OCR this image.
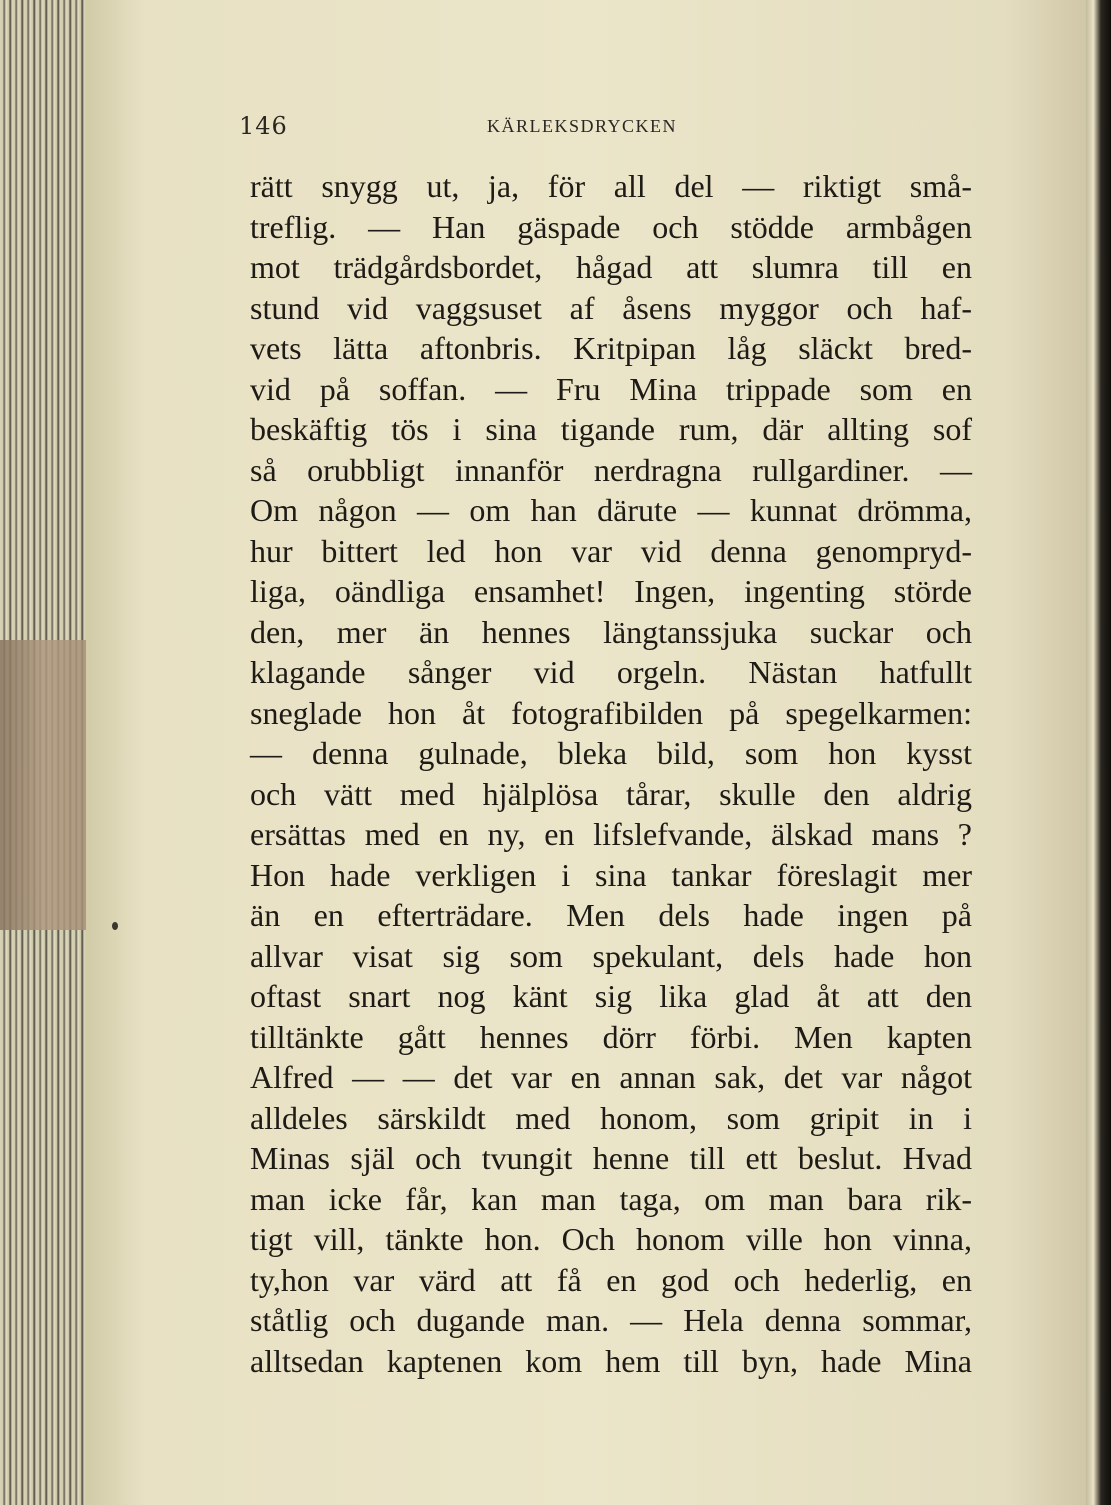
146	KÄRLEKSDRYCKEN
rätt snygg ut, ja, för all del — riktigt små-
treflig. — Han gäspade och stödde armbågen
mot trädgårdsbordet, hågad att slumra till en
stund vid vaggsuset af åsens myggor och haf-
vets lätta aftonbris. Kritpipan låg släckt bred-
vid på soffan. — Fru Mina trippade som en
beskäftig tös i sina tigande rum, där allting sof
så orubbligt innanför nerdragna rullgardiner. —
Om någon — om han därute — kunnat drömma,
hur bittert led hon var vid denna genompryd-
liga, oändliga ensamhet! Ingen, ingenting störde
den, mer än hennes längtanssjuka suckar och
klagande sånger vid orgeln. Nästan hatfullt
sneglade hon åt fotografibilden på spegelkarmen:
— denna gulnade, bleka bild, som hon kysst
och vätt med hjälplösa tårar, skulle den aldrig
ersättas med en ny, en lifslefvande, älskad mans ?
Hon hade verkligen i sina tankar föreslagit mer
än en efterträdare. Men dels hade ingen på
allvar visat sig som spekulant, dels hade hon
oftast snart nog känt sig lika glad åt att den
tilltänkte gått hennes dörr förbi. Men kapten
Alfred — — det var en annan sak, det var något
alldeles särskildt med honom, som gripit in i
Minas själ och tvungit henne till ett beslut. Hvad
man icke får, kan man taga, om man bara rik-
tigt vill, tänkte hon. Och honom ville hon vinna,
ty,hon var värd att få en god och hederlig, en
ståtlig och dugande man. — Hela denna sommar,
alltsedan kaptenen kom hem till byn, hade Mina
